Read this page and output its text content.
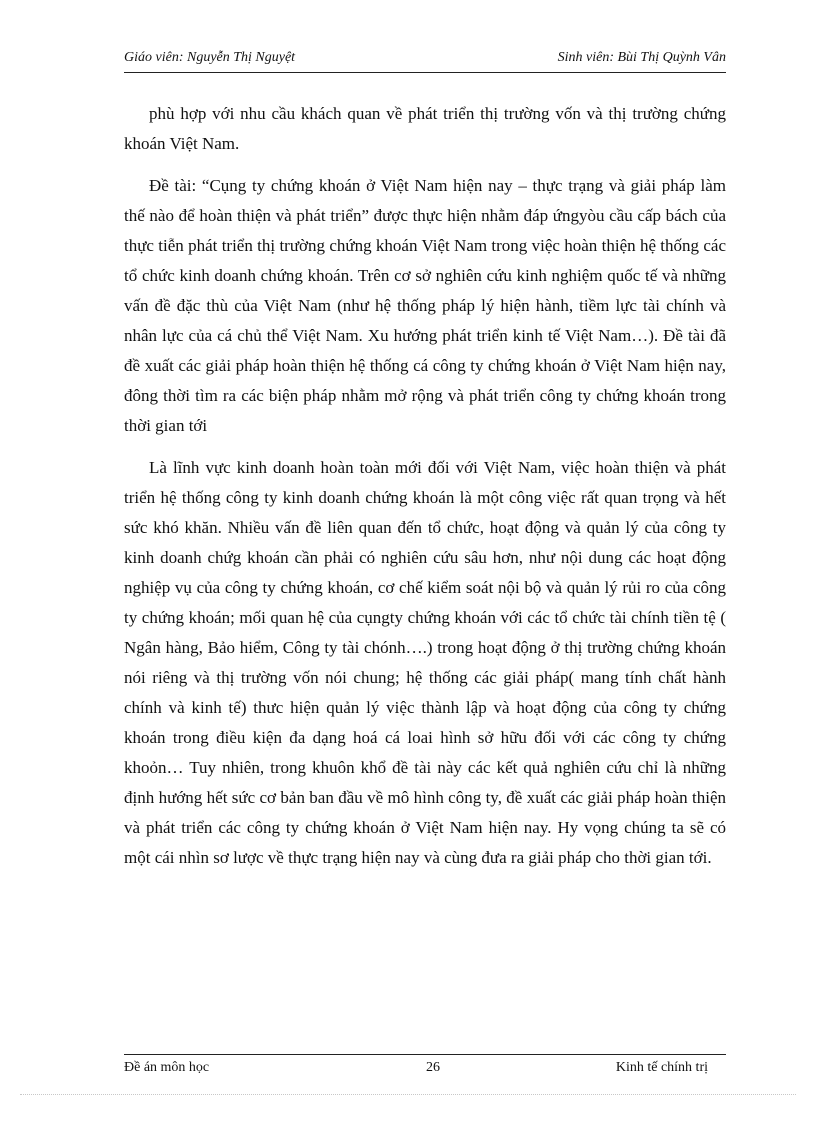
Giáo viên: Nguyễn Thị Nguyệt	Sinh viên: Bùi Thị Quỳnh Vân

phù hợp với nhu cầu khách quan về phát triển thị trường vốn và thị trường chứng khoán Việt Nam.

Đề tài: “Cụng ty chứng khoán ở Việt Nam hiện nay – thực trạng và giải pháp làm thế nào để hoàn thiện và phát triển” được thực hiện nhằm đáp ứngyòu cầu cấp bách của thực tiễn phát triển thị trường chứng khoán Việt Nam trong việc hoàn thiện hệ thống các tổ chức kinh doanh chứng khoán. Trên cơ sở nghiên cứu kinh nghiệm quốc tế và những vấn đề đặc thù của Việt Nam (như hệ thống pháp lý hiện hành, tiềm lực tài chính và nhân lực của cá chủ thể Việt Nam. Xu hướng phát triển kinh tế Việt Nam…). Đề tài đã đề xuất các giải pháp hoàn thiện hệ thống cá công ty chứng khoán ở Việt Nam hiện nay, đông thời tìm ra các biện pháp nhằm mở rộng và phát triển công ty chứng khoán trong thời gian tới

Là lĩnh vực kinh doanh hoàn toàn mới đối với Việt Nam, việc hoàn thiện và phát triển hệ thống công ty kinh doanh chứng khoán là một công việc rất quan trọng và hết sức khó khăn. Nhiều vấn đề liên quan đến tổ chức, hoạt động và quản lý của công ty kinh doanh chứg khoán cần phải có nghiên cứu sâu hơn, như nội dung các hoạt động nghiệp vụ của công ty chứng khoán, cơ chế kiểm soát nội bộ và quản lý rủi ro của công ty chứng khoán; mối quan hệ của cụngty chứng khoán với các tổ chức tài chính tiền tệ ( Ngân hàng, Bảo hiểm, Công ty tài chónh….) trong hoạt động ở thị trường chứng khoán nói riêng và thị trường vốn nói chung; hệ thống các giải pháp( mang tính chất hành chính và kinh tế) thưc hiện quản lý việc thành lập và hoạt động của công ty chứng khoán trong điều kiện đa dạng hoá cá loai hình sở hữu đối với các công ty chứng khoỏn… Tuy nhiên, trong khuôn khổ đề tài này các kết quả nghiên cứu chỉ là những định hướng hết sức cơ bản ban đầu về mô hình công ty, đề xuất các giải pháp hoàn thiện và phát triển các công ty chứng khoán ở Việt Nam hiện nay. Hy vọng chúng ta sẽ có một cái nhìn sơ lược về thực trạng hiện nay và cùng đưa ra giải pháp cho thời gian tới.

Đề án môn học	26	Kinh tế chính trị
